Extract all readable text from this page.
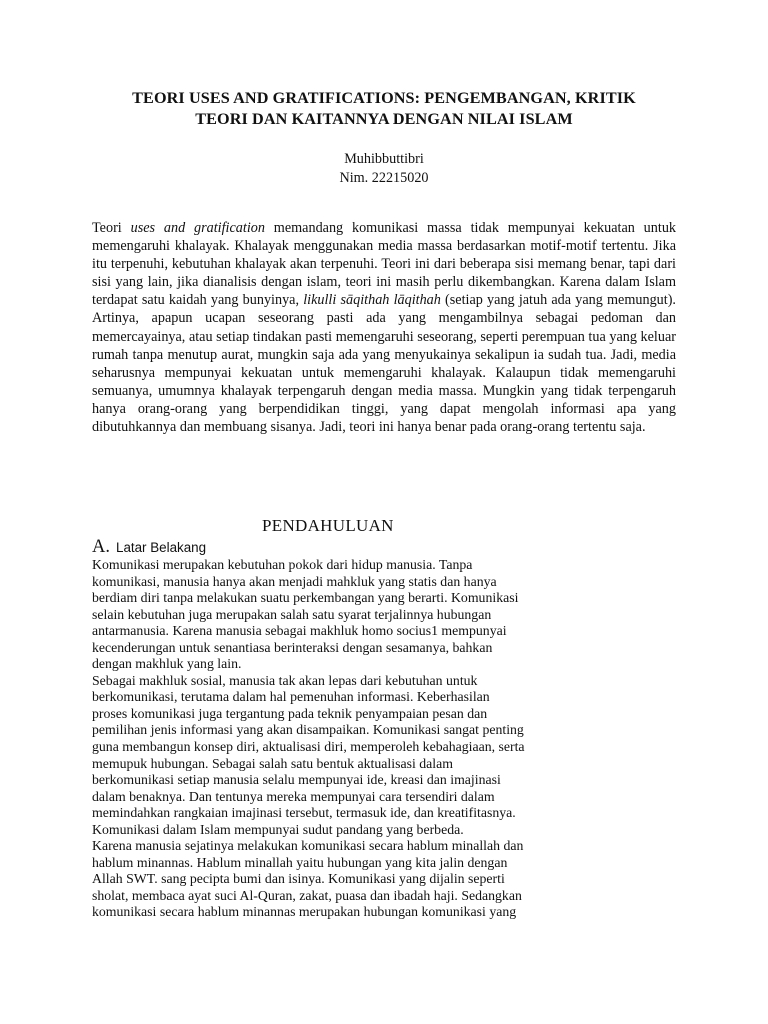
TEORI USES AND GRATIFICATIONS: PENGEMBANGAN, KRITIK
TEORI DAN KAITANNYA DENGAN NILAI ISLAM
Muhibbuttibri
Nim. 22215020

Teori uses and gratification memandang komunikasi massa tidak mempunyai kekuatan untuk memengaruhi khalayak. Khalayak menggunakan media massa berdasarkan motif-motif tertentu. Jika itu terpenuhi, kebutuhan khalayak akan terpenuhi. Teori ini dari beberapa sisi memang benar, tapi dari sisi yang lain, jika dianalisis dengan islam, teori ini masih perlu dikembangkan. Karena dalam Islam terdapat satu kaidah yang bunyinya, likulli sāqithah lāqithah (setiap yang jatuh ada yang memungut). Artinya, apapun ucapan seseorang pasti ada yang mengambilnya sebagai pedoman dan memercayainya, atau setiap tindakan pasti memengaruhi seseorang, seperti perempuan tua yang keluar rumah tanpa menutup aurat, mungkin saja ada yang menyukainya sekalipun ia sudah tua. Jadi, media seharusnya mempunyai kekuatan untuk memengaruhi khalayak. Kalaupun tidak memengaruhi semuanya, umumnya khalayak terpengaruh dengan media massa. Mungkin yang tidak terpengaruh hanya orang-orang yang berpendidikan tinggi, yang dapat mengolah informasi apa yang dibutuhkannya dan membuang sisanya. Jadi, teori ini hanya benar pada orang-orang tertentu saja.

PENDAHULUAN
A. Latar Belakang
Komunikasi merupakan kebutuhan pokok dari hidup manusia. Tanpa
komunikasi, manusia hanya akan menjadi mahkluk yang statis dan hanya
berdiam diri tanpa melakukan suatu perkembangan yang berarti. Komunikasi
selain kebutuhan juga merupakan salah satu syarat terjalinnya hubungan
antarmanusia. Karena manusia sebagai makhluk homo socius1 mempunyai
kecenderungan untuk senantiasa berinteraksi dengan sesamanya, bahkan
dengan makhluk yang lain.
Sebagai makhluk sosial, manusia tak akan lepas dari kebutuhan untuk
berkomunikasi, terutama dalam hal pemenuhan informasi. Keberhasilan
proses komunikasi juga tergantung pada teknik penyampaian pesan dan
pemilihan jenis informasi yang akan disampaikan. Komunikasi sangat penting
guna membangun konsep diri, aktualisasi diri, memperoleh kebahagiaan, serta
memupuk hubungan. Sebagai salah satu bentuk aktualisasi dalam
berkomunikasi setiap manusia selalu mempunyai ide, kreasi dan imajinasi
dalam benaknya. Dan tentunya mereka mempunyai cara tersendiri dalam
memindahkan rangkaian imajinasi tersebut, termasuk ide, dan kreatifitasnya.
Komunikasi dalam Islam mempunyai sudut pandang yang berbeda.
Karena manusia sejatinya melakukan komunikasi secara hablum minallah dan
hablum minannas. Hablum minallah yaitu hubungan yang kita jalin dengan
Allah SWT. sang pecipta bumi dan isinya. Komunikasi yang dijalin seperti
sholat, membaca ayat suci Al-Quran, zakat, puasa dan ibadah haji. Sedangkan
komunikasi secara hablum minannas merupakan hubungan komunikasi yang
